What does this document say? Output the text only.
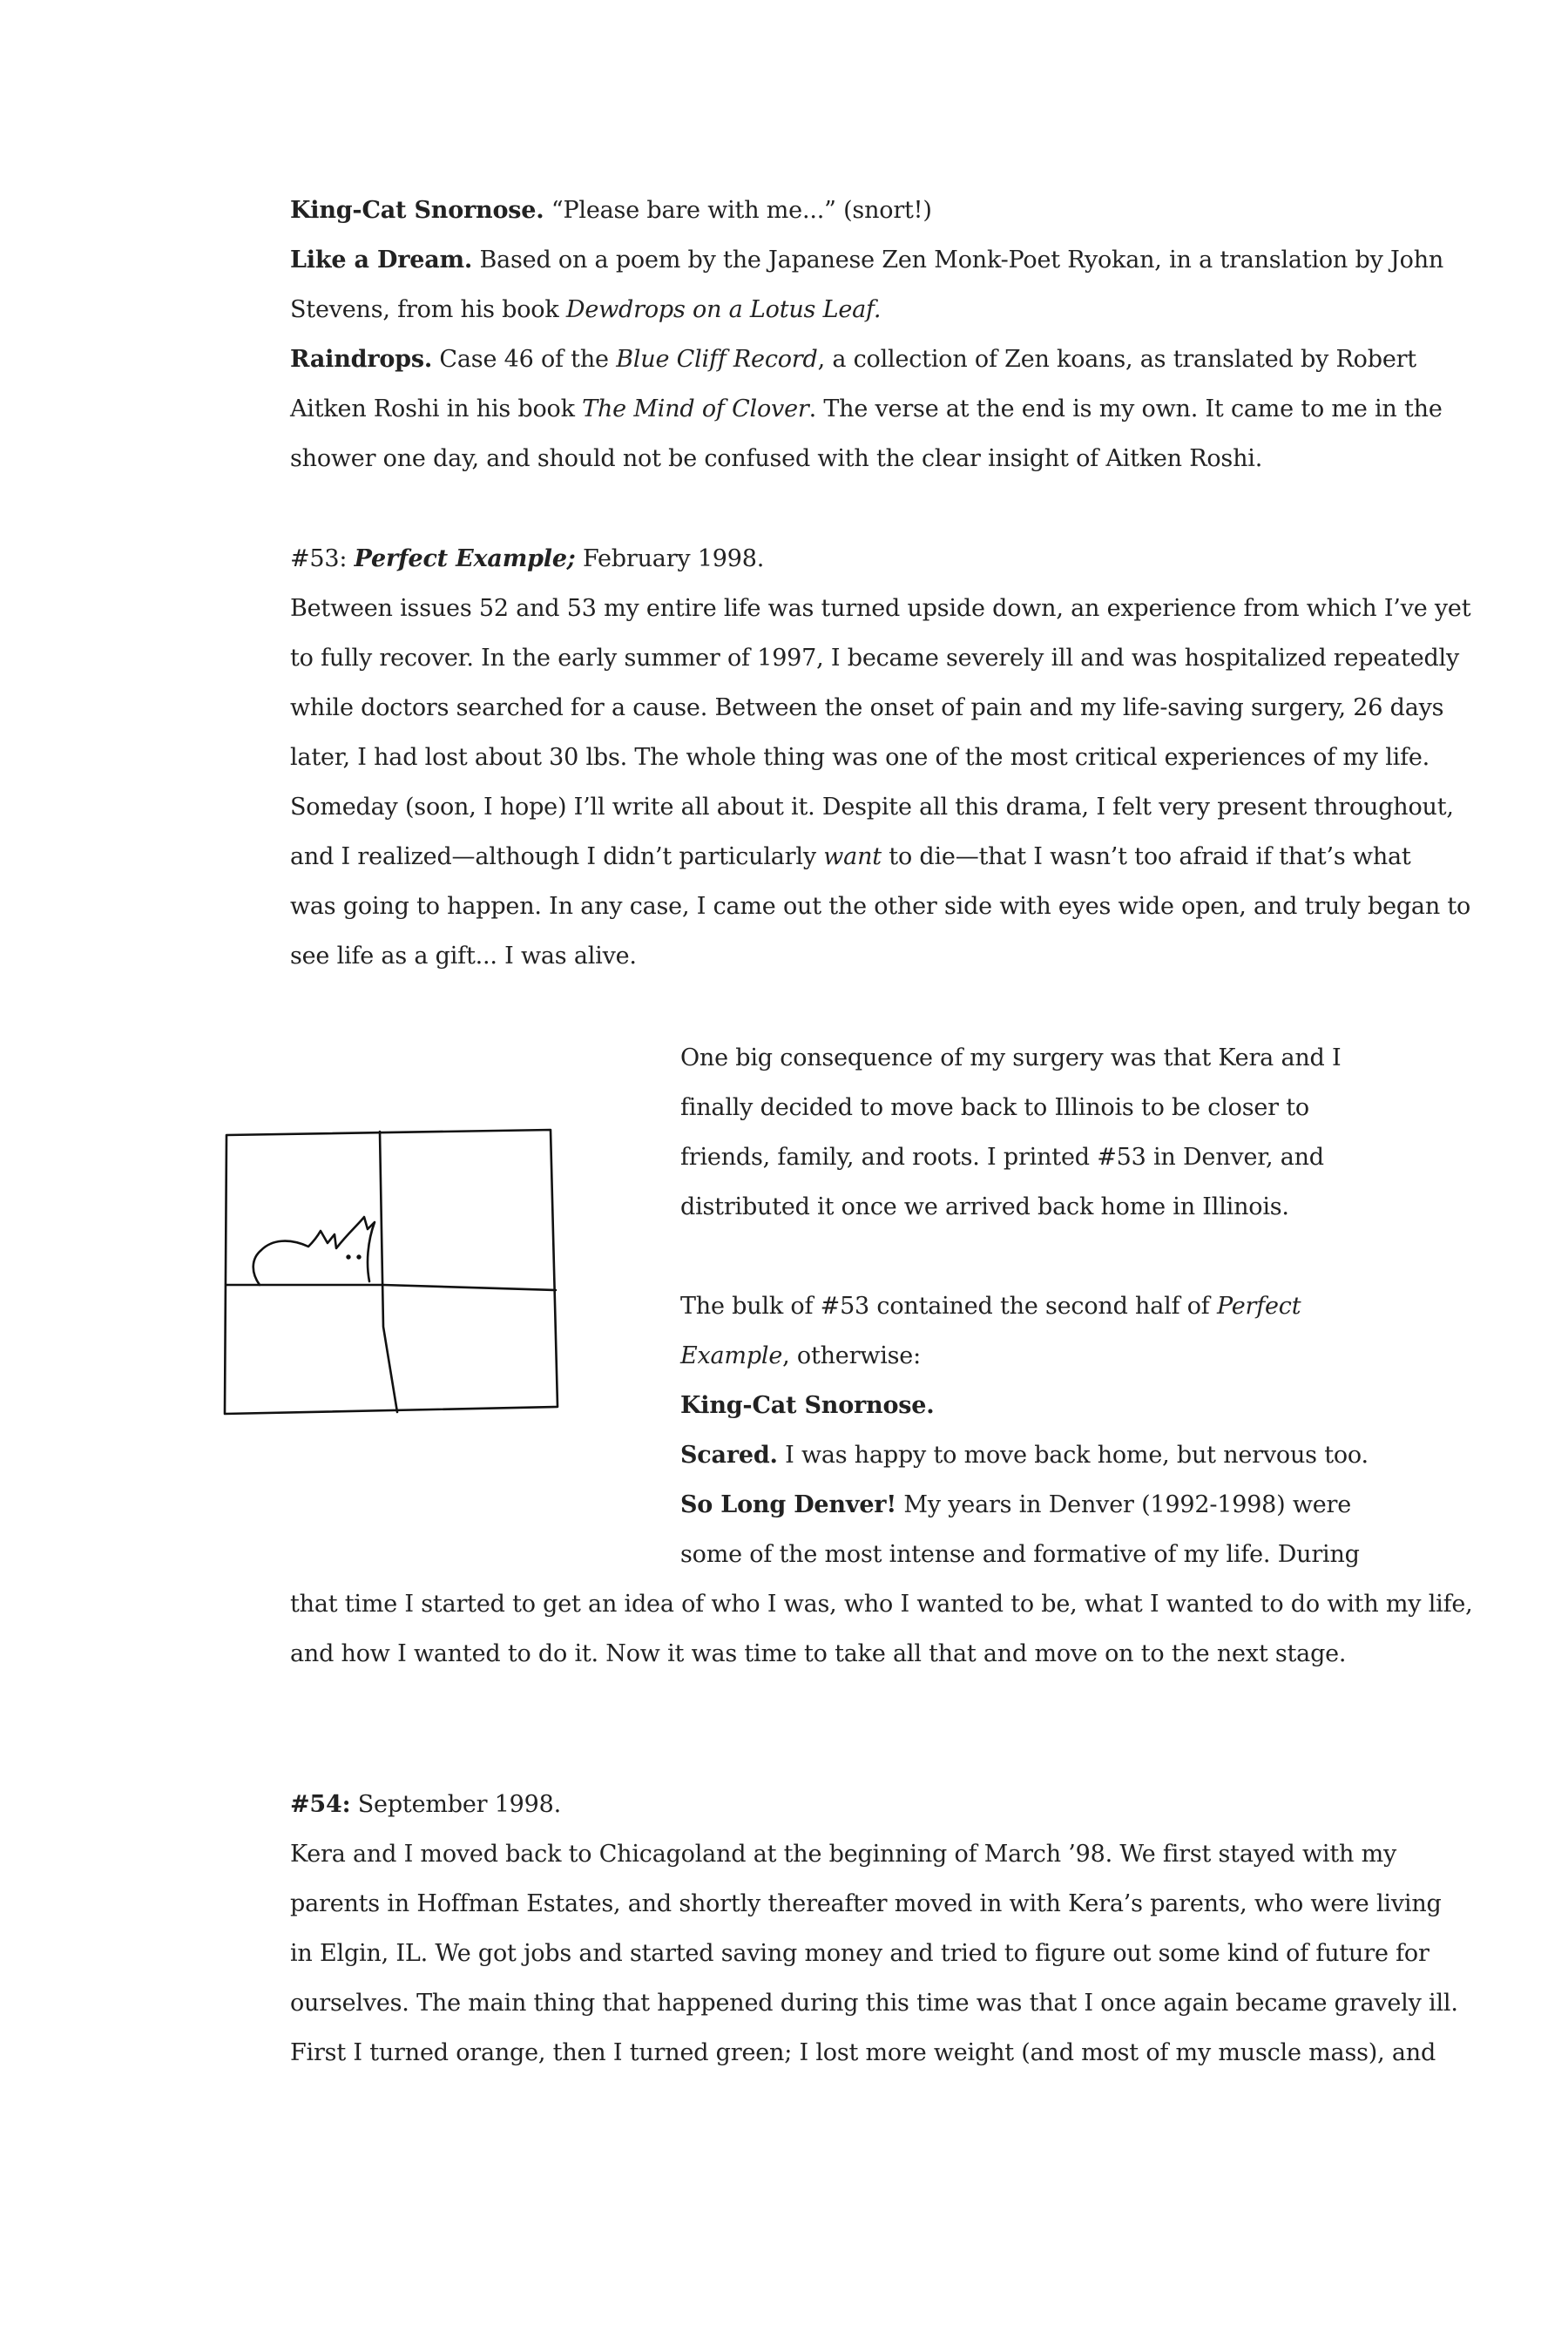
King-Cat Snornose. “Please bare with me...” (snort!)
Like a Dream. Based on a poem by the Japanese Zen Monk-Poet Ryokan, in a translation by John
Stevens, from his book Dewdrops on a Lotus Leaf.
Raindrops. Case 46 of the Blue Cliff Record, a collection of Zen koans, as translated by Robert
Aitken Roshi in his book The Mind of Clover. The verse at the end is my own. It came to me in the
shower one day, and should not be confused with the clear insight of Aitken Roshi.
#53: Perfect Example; February 1998.
Between issues 52 and 53 my entire life was turned upside down, an experience from which I’ve yet
to fully recover. In the early summer of 1997, I became severely ill and was hospitalized repeatedly
while doctors searched for a cause. Between the onset of pain and my life-saving surgery, 26 days
later, I had lost about 30 lbs. The whole thing was one of the most critical experiences of my life.
Someday (soon, I hope) I’ll write all about it. Despite all this drama, I felt very present throughout,
and I realized—although I didn’t particularly want to die—that I wasn’t too afraid if that’s what
was going to happen. In any case, I came out the other side with eyes wide open, and truly began to
see life as a gift... I was alive.
One big consequence of my surgery was that Kera and I
finally decided to move back to Illinois to be closer to
friends, family, and roots. I printed #53 in Denver, and
distributed it once we arrived back home in Illinois.
The bulk of #53 contained the second half of Perfect
Example, otherwise:
King-Cat Snornose.
Scared. I was happy to move back home, but nervous too.
So Long Denver! My years in Denver (1992-1998) were
some of the most intense and formative of my life. During
that time I started to get an idea of who I was, who I wanted to be, what I wanted to do with my life,
and how I wanted to do it. Now it was time to take all that and move on to the next stage.
#54: September 1998.
Kera and I moved back to Chicagoland at the beginning of March ’98. We first stayed with my
parents in Hoffman Estates, and shortly thereafter moved in with Kera’s parents, who were living
in Elgin, IL. We got jobs and started saving money and tried to figure out some kind of future for
ourselves. The main thing that happened during this time was that I once again became gravely ill.
First I turned orange, then I turned green; I lost more weight (and most of my muscle mass), and
